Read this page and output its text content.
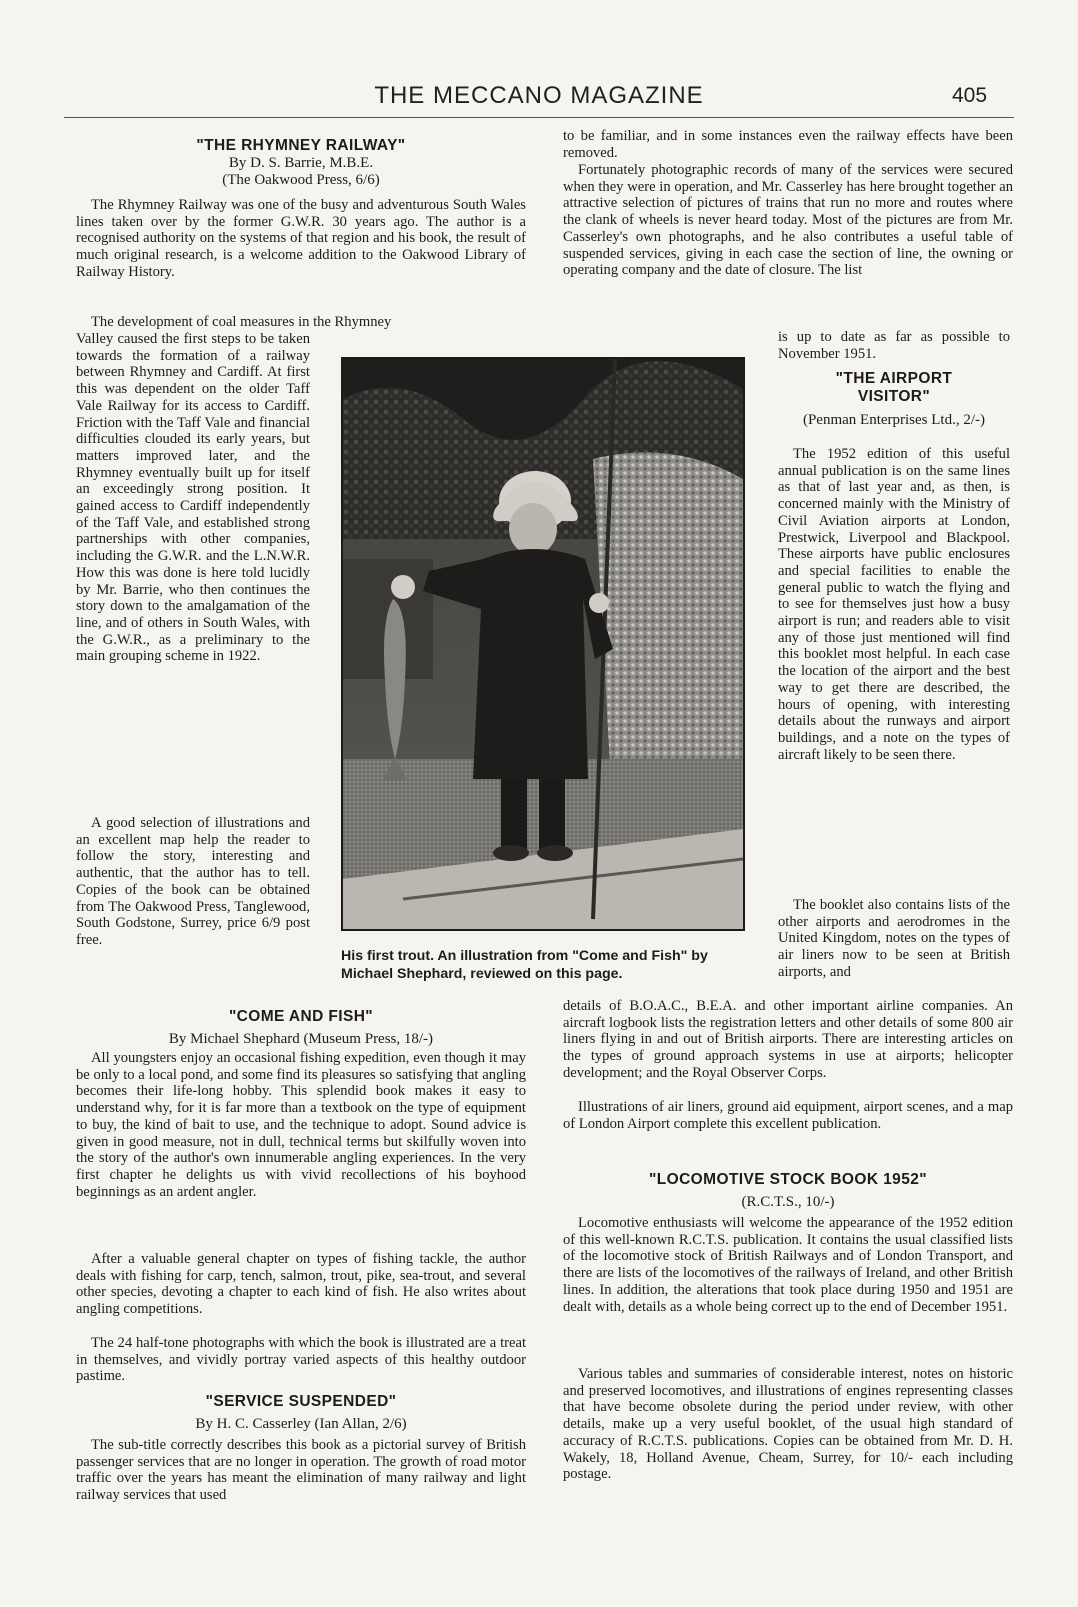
THE MECCANO MAGAZINE	405

"THE RHYMNEY RAILWAY"

By D. S. Barrie, M.B.E.

(The Oakwood Press, 6/6)

The Rhymney Railway was one of the busy and adventurous South Wales lines taken over by the former G.W.R. 30 years ago. The author is a recognised authority on the systems of that region and his book, the result of much original research, is a welcome addition to the Oakwood Library of Railway History.

The development of coal measures in the Rhymney

Valley caused the first steps to be taken towards the formation of a railway between Rhymney and Cardiff. At first this was dependent on the older Taff Vale Railway for its access to Cardiff. Friction with the Taff Vale and financial difficulties clouded its early years, but matters improved later, and the Rhymney eventually built up for itself an exceedingly strong position. It gained access to Cardiff independently of the Taff Vale, and established strong partnerships with other companies, including the G.W.R. and the L.N.W.R. How this was done is here told lucidly by Mr. Barrie, who then continues the story down to the amalgamation of the line, and of others in South Wales, with the G.W.R., as a preliminary to the main grouping scheme in 1922.

A good selection of illustrations and an excellent map help the reader to follow the story, interesting and authentic, that the author has to tell. Copies of the book can be obtained from The Oakwood Press, Tanglewood, South Godstone, Surrey, price 6/9 post free.

His first trout. An illustration from "Come and Fish" by Michael Shephard, reviewed on this page.

"COME AND FISH"

By Michael Shephard (Museum Press, 18/-)

All youngsters enjoy an occasional fishing expedition, even though it may be only to a local pond, and some find its pleasures so satisfying that angling becomes their life-long hobby. This splendid book makes it easy to understand why, for it is far more than a textbook on the type of equipment to buy, the kind of bait to use, and the technique to adopt. Sound advice is given in good measure, not in dull, technical terms but skilfully woven into the story of the author's own innumerable angling experiences. In the very first chapter he delights us with vivid recollections of his boyhood beginnings as an ardent angler.

After a valuable general chapter on types of fishing tackle, the author deals with fishing for carp, tench, salmon, trout, pike, sea-trout, and several other species, devoting a chapter to each kind of fish. He also writes about angling competitions.

The 24 half-tone photographs with which the book is illustrated are a treat in themselves, and vividly portray varied aspects of this healthy outdoor pastime.

"SERVICE SUSPENDED"

By H. C. Casserley (Ian Allan, 2/6)

The sub-title correctly describes this book as a pictorial survey of British passenger services that are no longer in operation. The growth of road motor traffic over the years has meant the elimination of many railway and light railway services that used

to be familiar, and in some instances even the railway effects have been removed.

Fortunately photographic records of many of the services were secured when they were in operation, and Mr. Casserley has here brought together an attractive selection of pictures of trains that run no more and routes where the clank of wheels is never heard today. Most of the pictures are from Mr. Casserley's own photographs, and he also contributes a useful table of suspended services, giving in each case the section of line, the owning or operating company and the date of closure. The list

is up to date as far as possible to November 1951.

"THE AIRPORT

VISITOR"

(Penman Enterprises Ltd., 2/-)

The 1952 edition of this useful annual publication is on the same lines as that of last year and, as then, is concerned mainly with the Ministry of Civil Aviation airports at London, Prestwick, Liverpool and Blackpool. These airports have public enclosures and special facilities to enable the general public to watch the flying and to see for themselves just how a busy airport is run; and readers able to visit any of those just mentioned will find this booklet most helpful. In each case the location of the airport and the best way to get there are described, the hours of opening, with interesting details about the runways and airport buildings, and a note on the types of aircraft likely to be seen there.

The booklet also contains lists of the other airports and aerodromes in the United Kingdom, notes on the types of air liners now to be seen at British airports, and

details of B.O.A.C., B.E.A. and other important airline companies. An aircraft logbook lists the registration letters and other details of some 800 air liners flying in and out of British airports. There are interesting articles on the types of ground approach systems in use at airports; helicopter development; and the Royal Observer Corps.

Illustrations of air liners, ground aid equipment, airport scenes, and a map of London Airport complete this excellent publication.

"LOCOMOTIVE STOCK BOOK 1952"

(R.C.T.S., 10/-)

Locomotive enthusiasts will welcome the appearance of the 1952 edition of this well-known R.C.T.S. publication. It contains the usual classified lists of the locomotive stock of British Railways and of London Transport, and there are lists of the locomotives of the railways of Ireland, and other British lines. In addition, the alterations that took place during 1950 and 1951 are dealt with, details as a whole being correct up to the end of December 1951.

Various tables and summaries of considerable interest, notes on historic and preserved locomotives, and illustrations of engines representing classes that have become obsolete during the period under review, with other details, make up a very useful booklet, of the usual high standard of accuracy of R.C.T.S. publications. Copies can be obtained from Mr. D. H. Wakely, 18, Holland Avenue, Cheam, Surrey, for 10/- each including postage.
